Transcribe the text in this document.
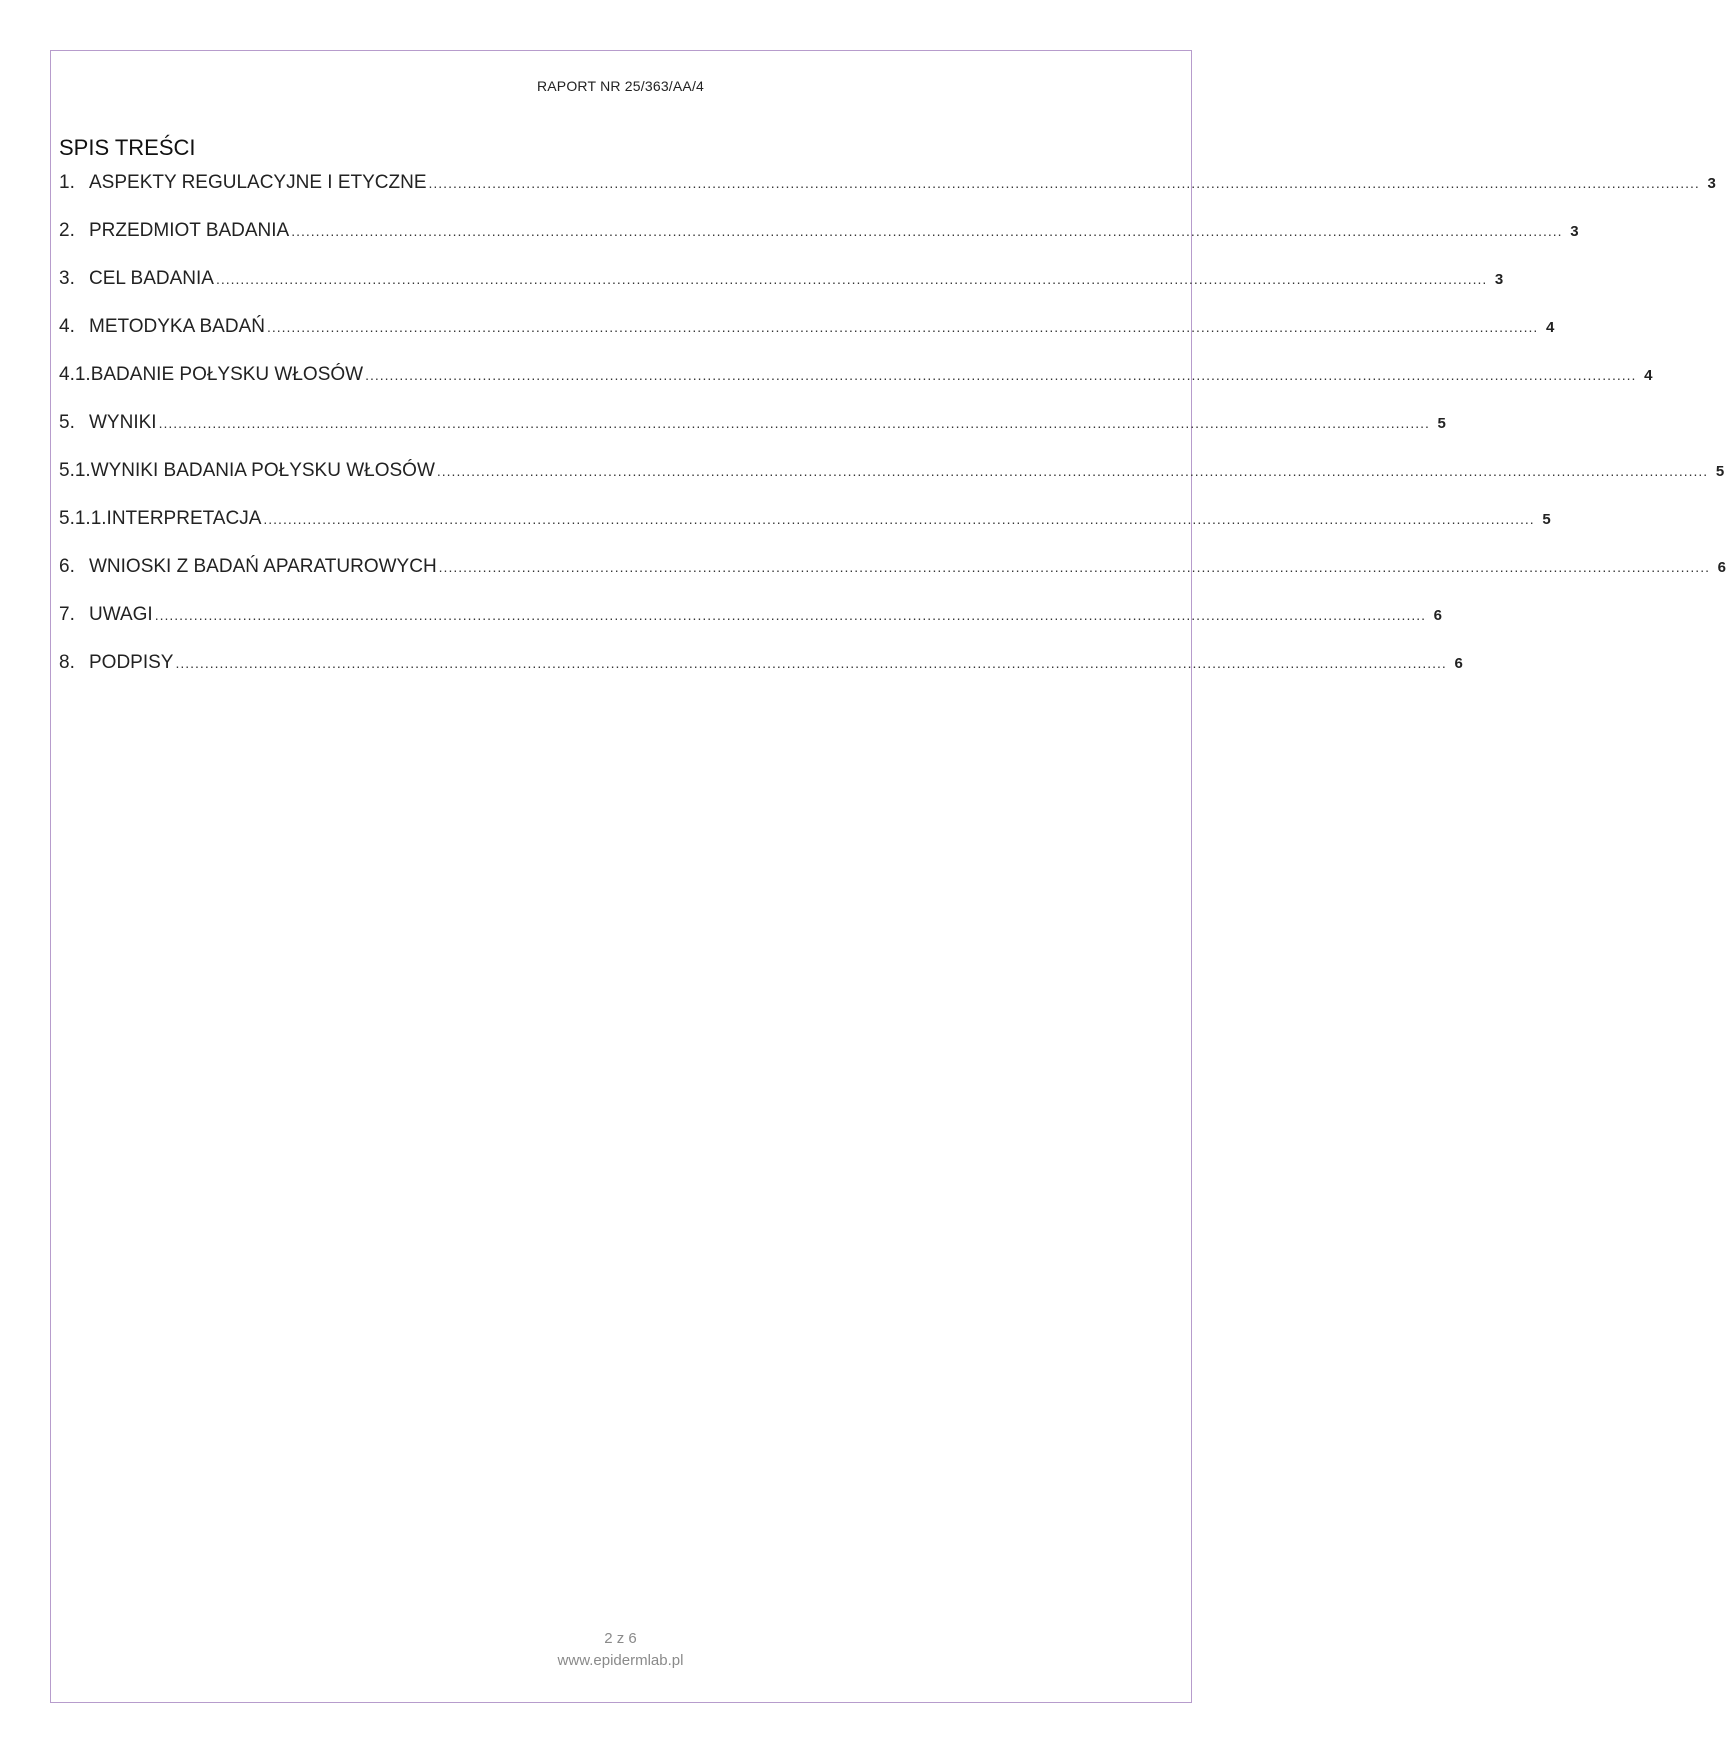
RAPORT NR 25/363/AA/4
SPIS TREŚCI
1. ASPEKTY REGULACYJNE I ETYCZNE .................................................................................................................................................................................................................................................................... 3
2. PRZEDMIOT BADANIA .................................................................................................................................................................................................................................................................... 3
3. CEL BADANIA .................................................................................................................................................................................................................................................................... 3
4. METODYKA BADAŃ .................................................................................................................................................................................................................................................................... 4
4.1. BADANIE POŁYSKU WŁOSÓW .................................................................................................................................................................................................................................................................... 4
5. WYNIKI .................................................................................................................................................................................................................................................................... 5
5.1. WYNIKI BADANIA POŁYSKU WŁOSÓW .................................................................................................................................................................................................................................................................... 5
5.1.1. INTERPRETACJA .................................................................................................................................................................................................................................................................... 5
6. WNIOSKI Z BADAŃ APARATUROWYCH .................................................................................................................................................................................................................................................................... 6
7. UWAGI .................................................................................................................................................................................................................................................................... 6
8. PODPISY .................................................................................................................................................................................................................................................................... 6
2 z 6
www.epidermlab.pl
